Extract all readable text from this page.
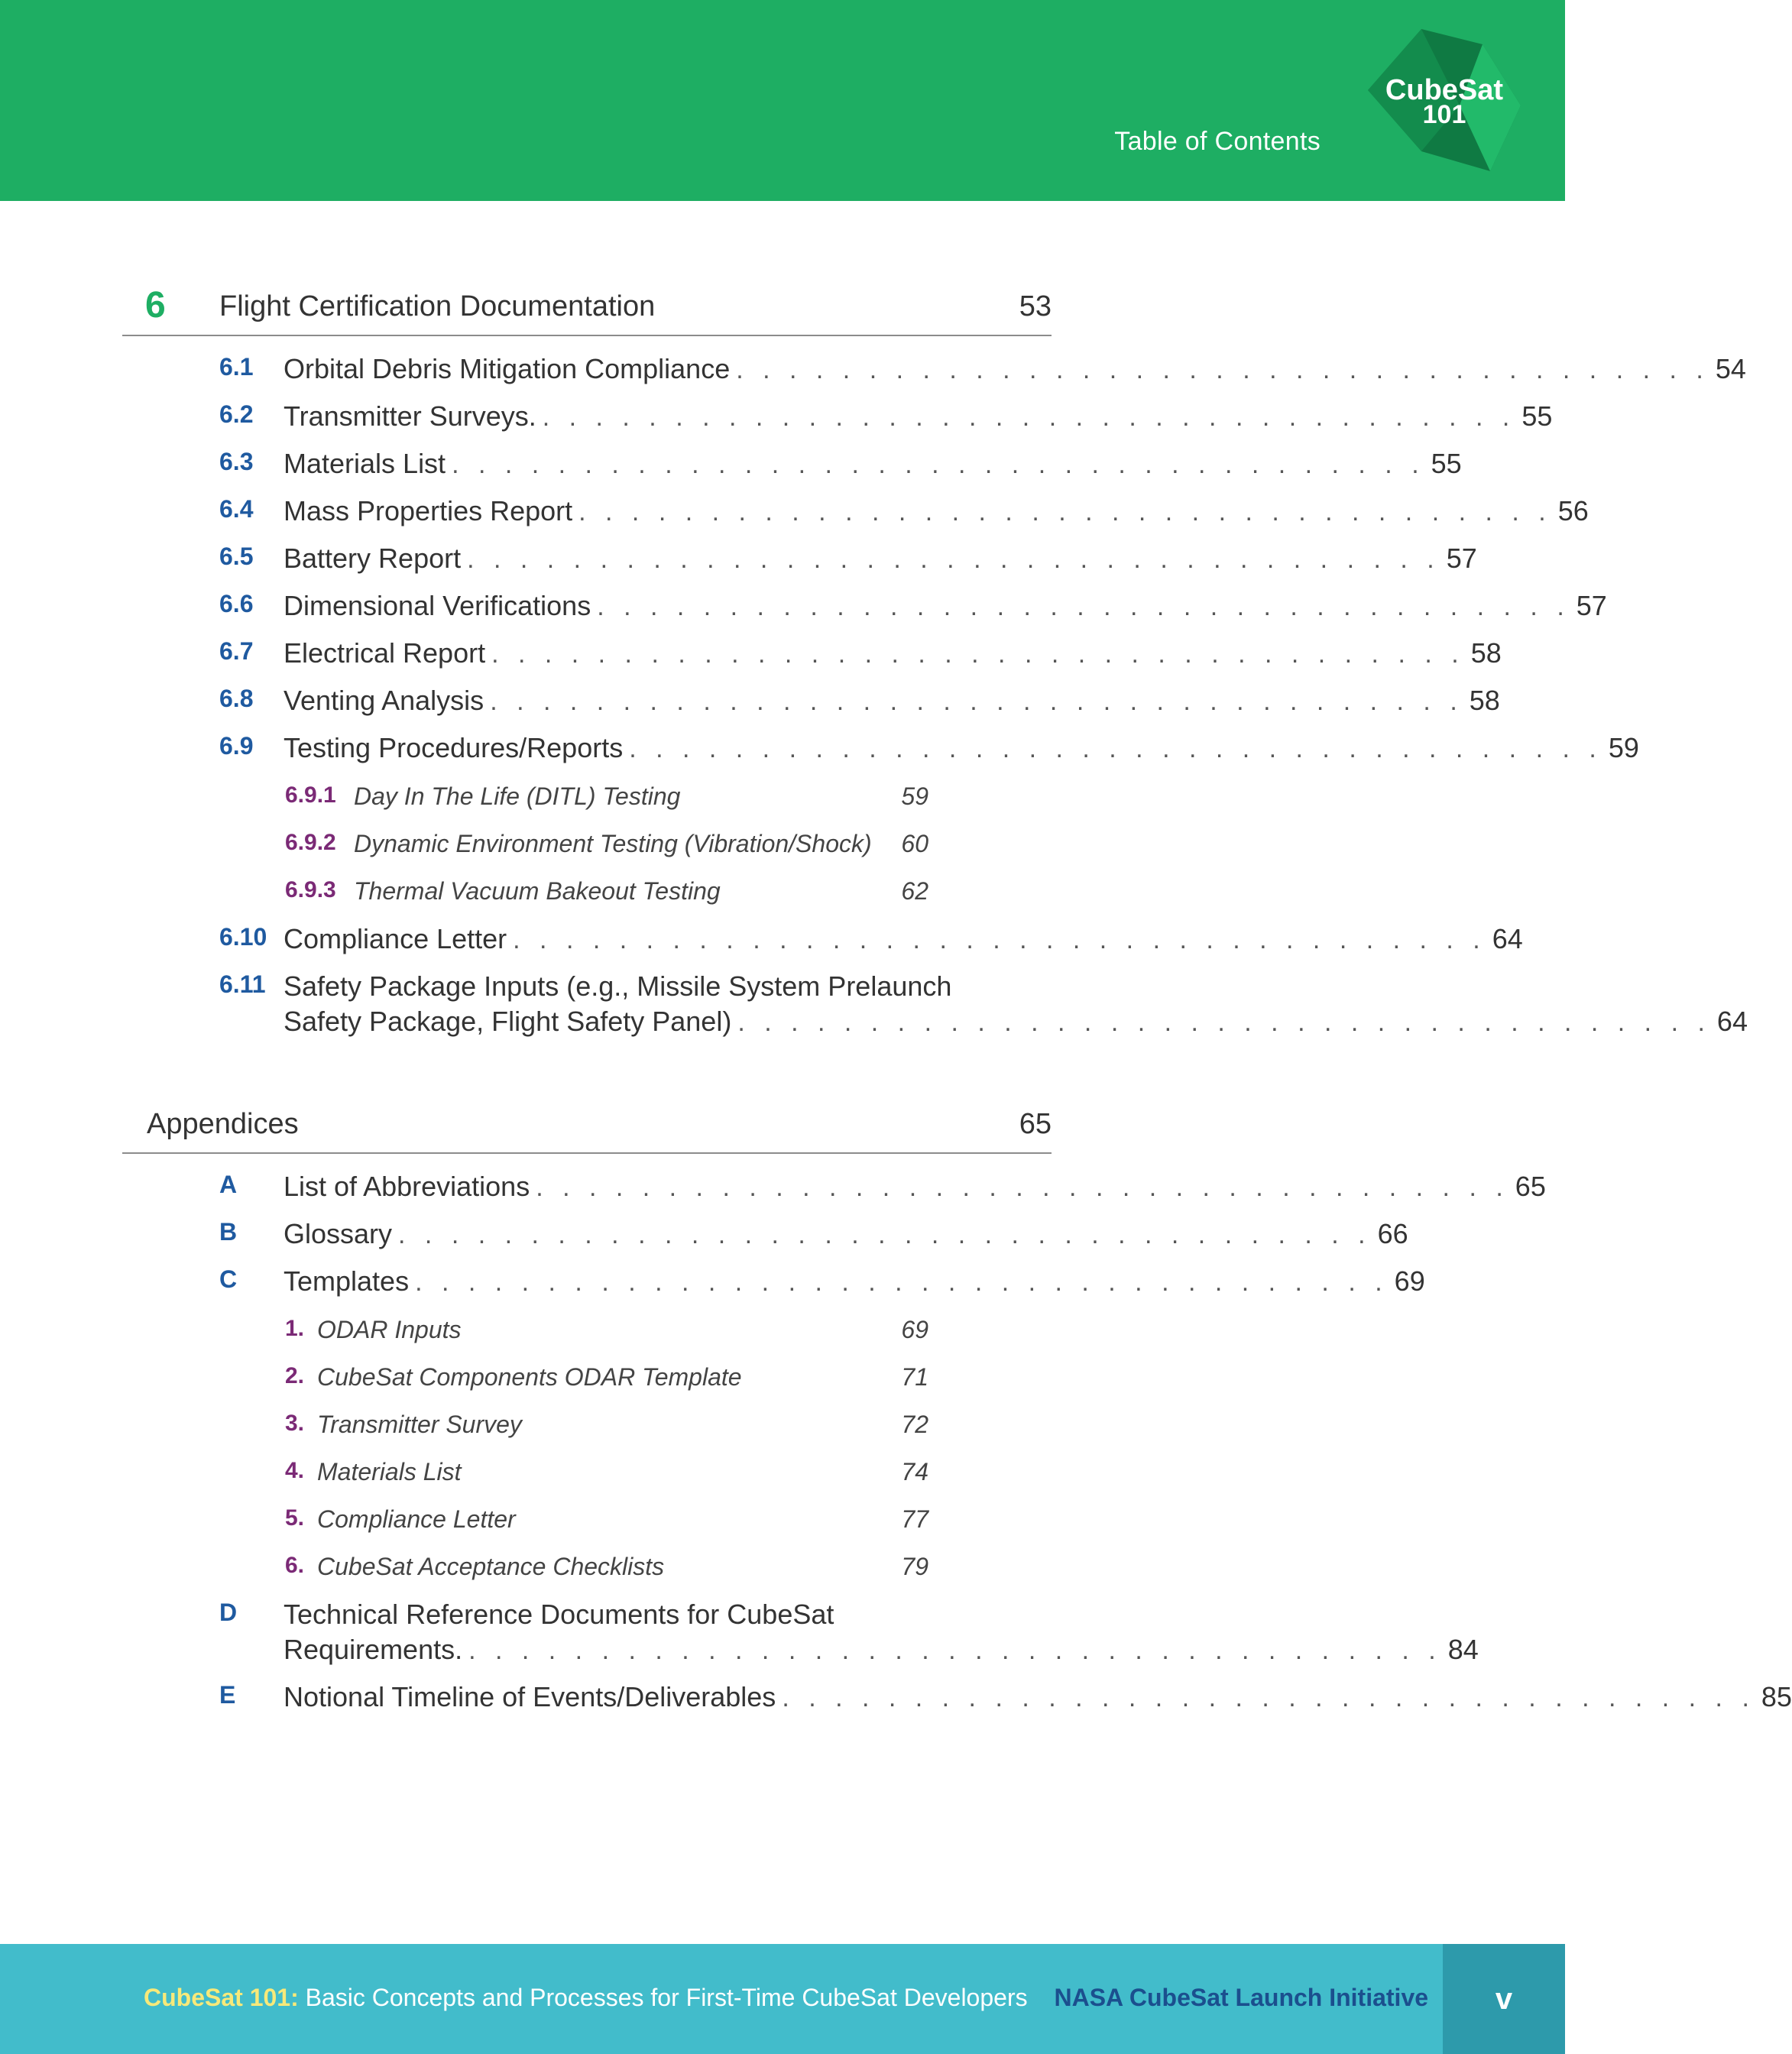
Table of Contents
CubeSat
101
6 Flight Certification Documentation	53
6.1 Orbital Debris Mitigation Compliance . . . . . . . . . . . . . . . . . . . . . . . . . . . . . . . . . . . . . 54
6.2 Transmitter Surveys. . . . . . . . . . . . . . . . . . . . . . . . . . . . . . . . . . . . . . 55
6.3 Materials List . . . . . . . . . . . . . . . . . . . . . . . . . . . . . . . . . . . . . 55
6.4 Mass Properties Report . . . . . . . . . . . . . . . . . . . . . . . . . . . . . . . . . . . . . 56
6.5 Battery Report . . . . . . . . . . . . . . . . . . . . . . . . . . . . . . . . . . . . . 57
6.6 Dimensional Verifications . . . . . . . . . . . . . . . . . . . . . . . . . . . . . . . . . . . . . 57
6.7 Electrical Report . . . . . . . . . . . . . . . . . . . . . . . . . . . . . . . . . . . . . 58
6.8 Venting Analysis . . . . . . . . . . . . . . . . . . . . . . . . . . . . . . . . . . . . . 58
6.9 Testing Procedures/Reports . . . . . . . . . . . . . . . . . . . . . . . . . . . . . . . . . . . . . 59
6.9.1 Day In The Life (DITL) Testing	59
6.9.2 Dynamic Environment Testing (Vibration/Shock) 60
6.9.3 Thermal Vacuum Bakeout Testing	62
6.10 Compliance Letter . . . . . . . . . . . . . . . . . . . . . . . . . . . . . . . . . . . . . 64
6.11 Safety Package Inputs (e.g., Missile System Prelaunch
Safety Package, Flight Safety Panel) . . . . . . . . . . . . . . . . . . . . . . . . . . . . . . . . . . . . . 64
Appendices	65
A List of Abbreviations . . . . . . . . . . . . . . . . . . . . . . . . . . . . . . . . . . . . . 65
B Glossary . . . . . . . . . . . . . . . . . . . . . . . . . . . . . . . . . . . . . 66
C Templates . . . . . . . . . . . . . . . . . . . . . . . . . . . . . . . . . . . . . 69
1. ODAR Inputs	69
2. CubeSat Components ODAR Template	71
3. Transmitter Survey	72
4. Materials List	74
5. Compliance Letter	77
6. CubeSat Acceptance Checklists	79
D Technical Reference Documents for CubeSat
Requirements. . . . . . . . . . . . . . . . . . . . . . . . . . . . . . . . . . . . . . 84
E Notional Timeline of Events/Deliverables . . . . . . . . . . . . . . . . . . . . . . . . . . . . . . . . . . . . . 85
CubeSat 101: Basic Concepts and Processes for First-Time CubeSat Developers NASA CubeSat Launch Initiative	v
